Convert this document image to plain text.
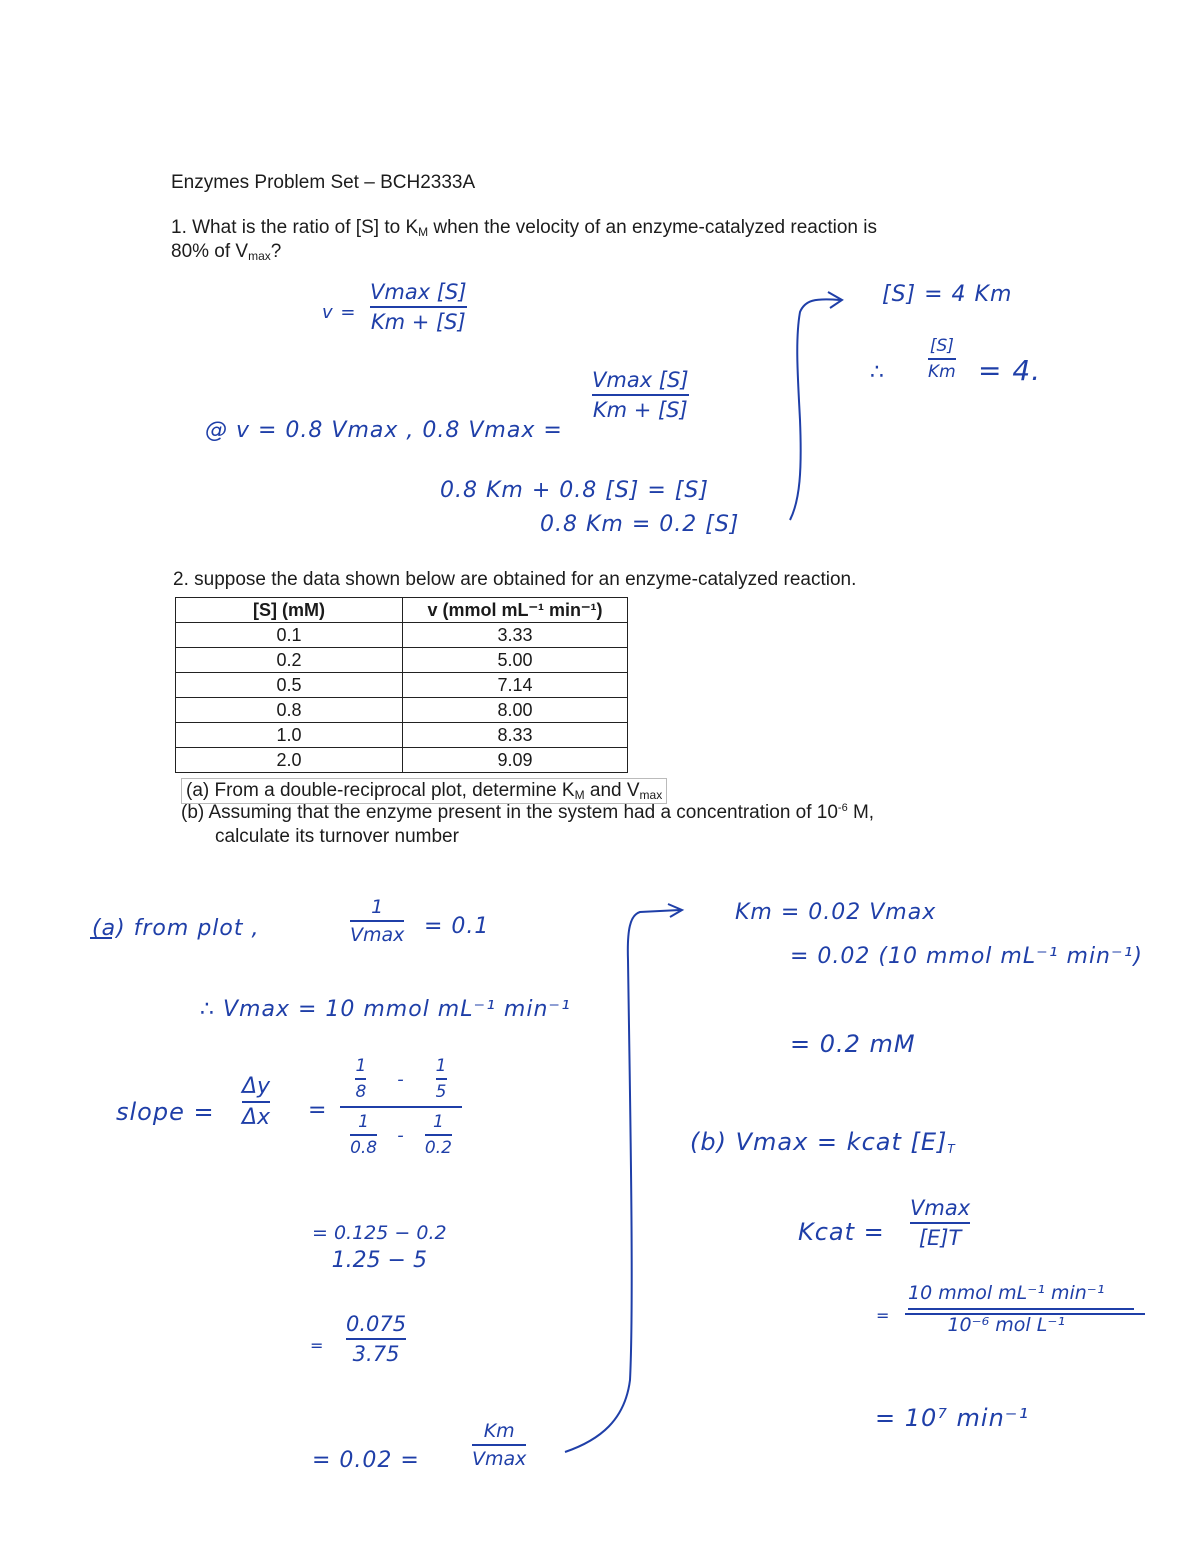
Enzymes Problem Set – BCH2333A
1. What is the ratio of [S] to $K_M$ when the velocity of an enzyme-catalyzed reaction is
80% of $V_{max}$?
v =
Vmax [S]
Km + [S]
@ v = 0.8 Vmax , 0.8 Vmax =
Vmax [S]
Km + [S]
0.8 Km + 0.8 [S] = [S]
0.8 Km = 0.2 [S]
[S] = 4 Km
∴
[S]
Km = 4.
2. suppose the data shown below are obtained for an enzyme-catalyzed reaction.
[S] (mM)	v (mmol mL⁻¹ min⁻¹)
0.1	3.33
0.2	5.00
0.5	7.14
0.8	8.00
1.0	8.33
2.0	9.09
(a) From a double-reciprocal plot, determine $K_M$ and $V_{max}$
(b) Assuming that the enzyme present in the system had a concentration of $10^{-6}$ M,
calculate its turnover number
(a) from plot ,
1
Vmax = 0.1
∴ Vmax = 10 mmol mL⁻¹ min⁻¹
slope =
Δy
Δx =
$\frac{1}{8} - \frac{1}{5}$
$\frac{1}{0.8} - \frac{1}{0.2}$
= 0.125 − 0.2
1.25 − 5
=
0.075
3.75
= 0.02 =
Km
Vmax
Km = 0.02 Vmax
= 0.02 (10 mmol mL⁻¹ min⁻¹)
= 0.2 mM
(b) Vmax = kcat $[E]_T$
Kcat =
Vmax
[E]T
=
10 mmol mL⁻¹ min⁻¹
10⁻⁶ mol L⁻¹
= 10⁷ min⁻¹
